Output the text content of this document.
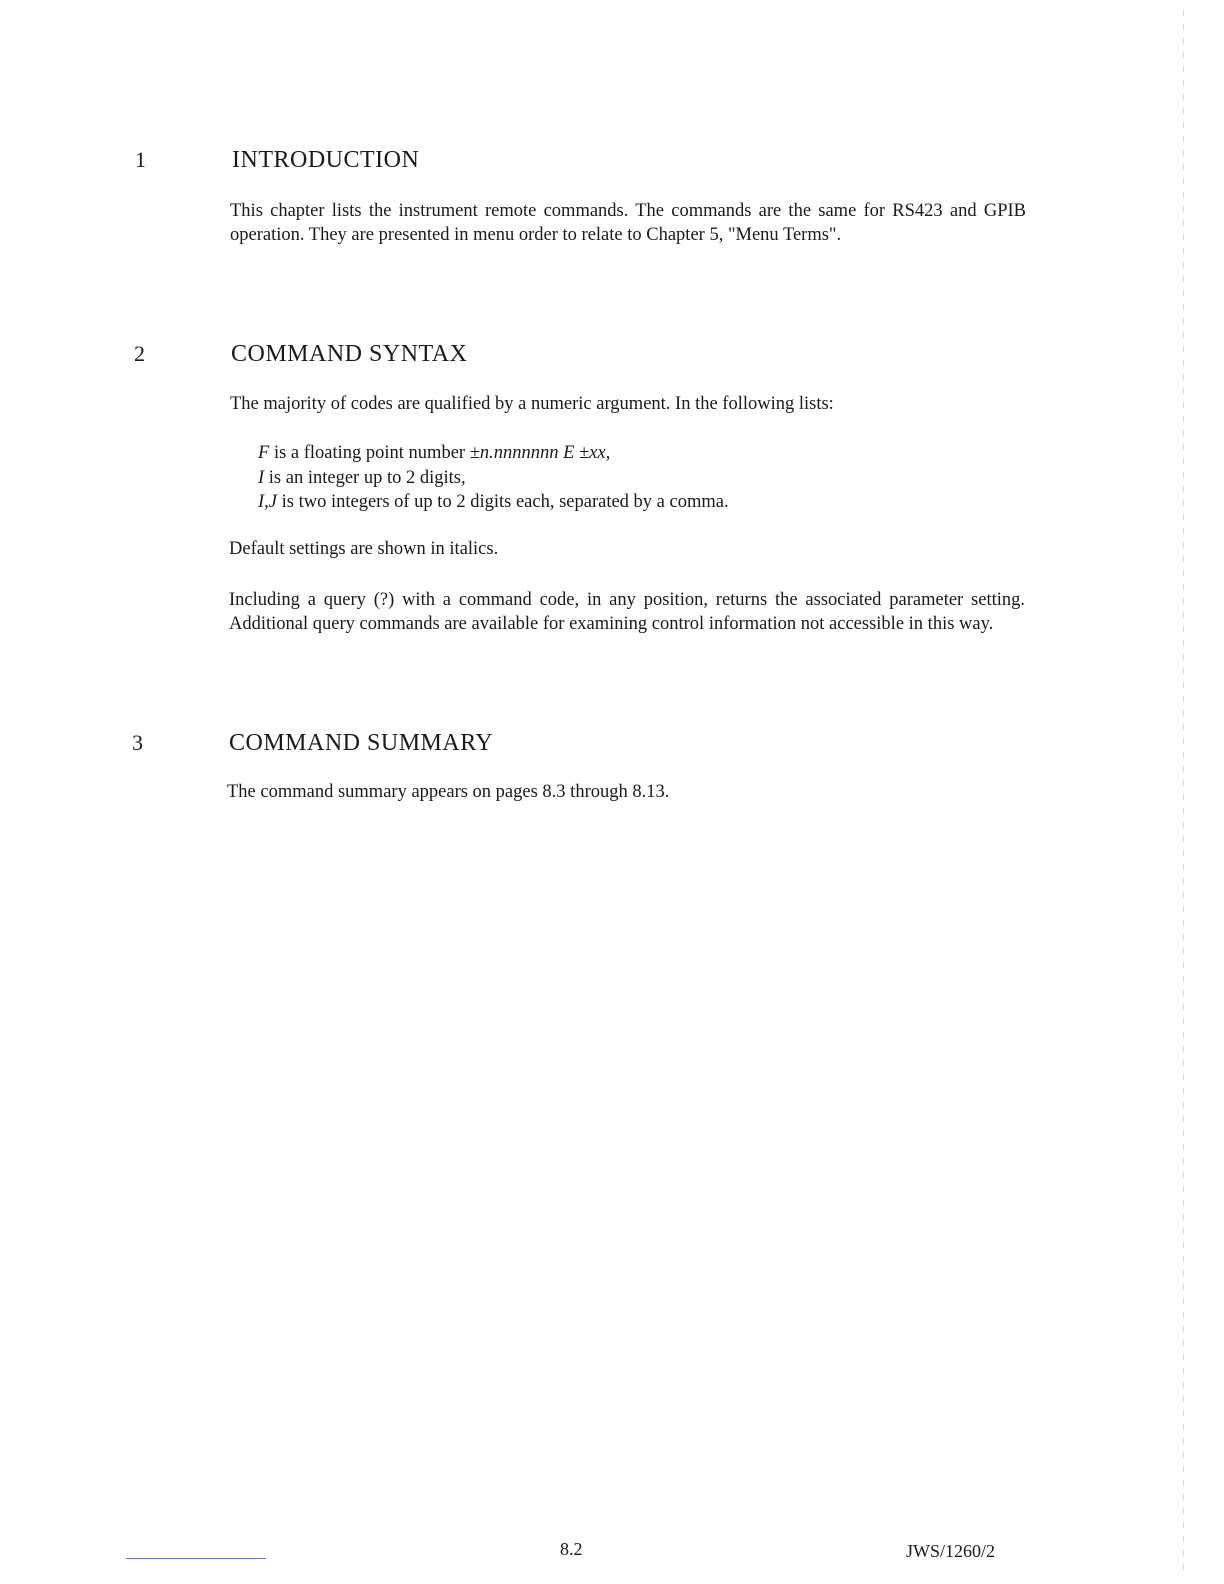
1	INTRODUCTION
This chapter lists the instrument remote commands. The commands are the same for RS423 and GPIB operation. They are presented in menu order to relate to Chapter 5, "Menu Terms".
2	COMMAND SYNTAX
The majority of codes are qualified by a numeric argument. In the following lists:
F is a floating point number ±n.nnnnnnn E ±xx,
I is an integer up to 2 digits,
I,J is two integers of up to 2 digits each, separated by a comma.
Default settings are shown in italics.
Including a query (?) with a command code, in any position, returns the associated parameter setting. Additional query commands are available for examining control information not accessible in this way.
3	COMMAND SUMMARY
The command summary appears on pages 8.3 through 8.13.
8.2	JWS/1260/2
